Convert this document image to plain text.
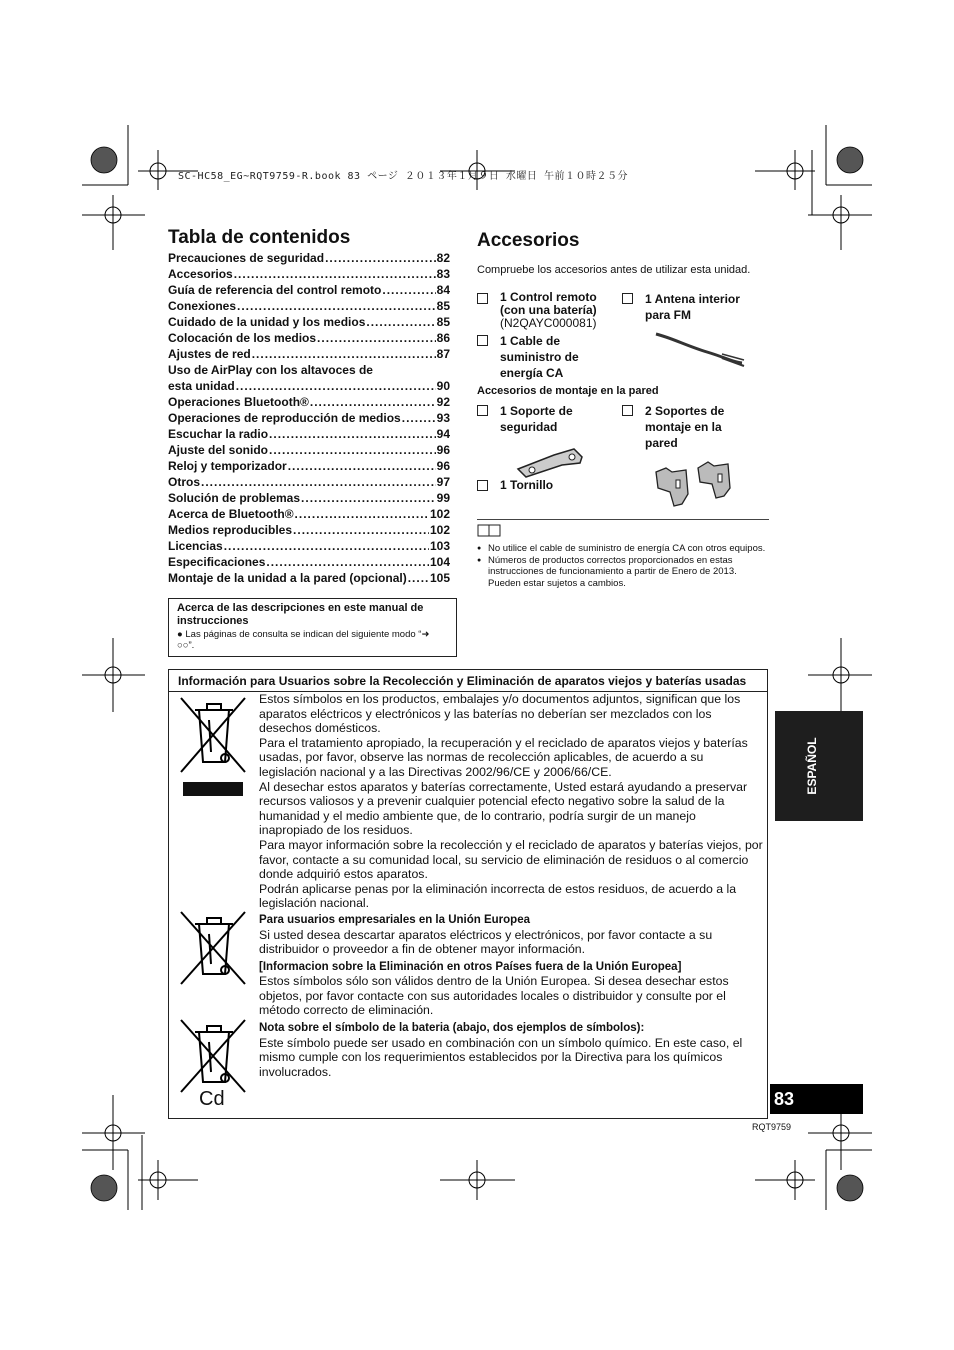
SC-HC58_EG~RQT9759-R.book 83 ページ ２０１３年１月９日 水曜日 午前１０時２５分
Tabla de contenidos
Precauciones de seguridad .....	82
Accesorios .....	83
Guía de referencia del control remoto .....	84
Conexiones .....	85
Cuidado de la unidad y los medios .....	85
Colocación de los medios .....	86
Ajustes de red .....	87
Uso de AirPlay con los altavoces de
esta unidad .....	90
Operaciones Bluetooth® .....	92
Operaciones de reproducción de medios .....	93
Escuchar la radio .....	94
Ajuste del sonido .....	96
Reloj y temporizador .....	96
Otros .....	97
Solución de problemas .....	99
Acerca de Bluetooth® .....	102
Medios reproducibles .....	102
Licencias .....	103
Especificaciones .....	104
Montaje de la unidad a la pared (opcional) ..... 105
Acerca de las descripciones en este manual de instrucciones
● Las páginas de consulta se indican del siguiente modo “➜ ○○”.
Accesorios
Compruebe los accesorios antes de utilizar esta unidad.
1 Control remoto (con una batería)
(N2QAYC000081)
1 Antena interior para FM
1 Cable de suministro de energía CA
Accesorios de montaje en la pared
1 Soporte de seguridad
2 Soportes de montaje en la pared
1 Tornillo
● No utilice el cable de suministro de energía CA con otros equipos.
● Números de productos correctos proporcionados en estas instrucciones de funcionamiento a partir de Enero de 2013. Pueden estar sujetos a cambios.
Información para Usuarios sobre la Recolección y Eliminación de aparatos viejos y baterías usadas
Cd

Estos símbolos en los productos, embalajes y/o documentos adjuntos, significan que los aparatos eléctricos y electrónicos y las baterías no deberían ser mezclados con los desechos domésticos.

Para el tratamiento apropiado, la recuperación y el reciclado de aparatos viejos y baterías usadas, por favor, observe las normas de recolección aplicables, de acuerdo a su legislación nacional y a las Directivas 2002/96/CE y 2006/66/CE.

Al desechar estos aparatos y baterías correctamente, Usted estará ayudando a preservar recursos valiosos y a prevenir cualquier potencial efecto negativo sobre la salud de la humanidad y el medio ambiente que, de lo contrario, podría surgir de un manejo inapropiado de los residuos.

Para mayor información sobre la recolección y el reciclado de aparatos y baterías viejos, por favor, contacte a su comunidad local, su servicio de eliminación de residuos o al comercio donde adquirió estos aparatos.

Podrán aplicarse penas por la eliminación incorrecta de estos residuos, de acuerdo a la legislación nacional.

Para usuarios empresariales en la Unión Europea

Si usted desea descartar aparatos eléctricos y electrónicos, por favor contacte a su distribuidor o proveedor a fin de obtener mayor información.

[Informacion sobre la Eliminación en otros Países fuera de la Unión Europea]

Estos símbolos sólo son válidos dentro de la Unión Europea. Si desea desechar estos objetos, por favor contacte con sus autoridades locales o distribuidor y consulte por el método correcto de eliminación.

Nota sobre el símbolo de la bateria (abajo, dos ejemplos de símbolos):

Este símbolo puede ser usado en combinación con un símbolo químico. En este caso, el mismo cumple con los requerimientos establecidos por la Directiva para los químicos involucrados.

ESPAÑOL
83
RQT9759
